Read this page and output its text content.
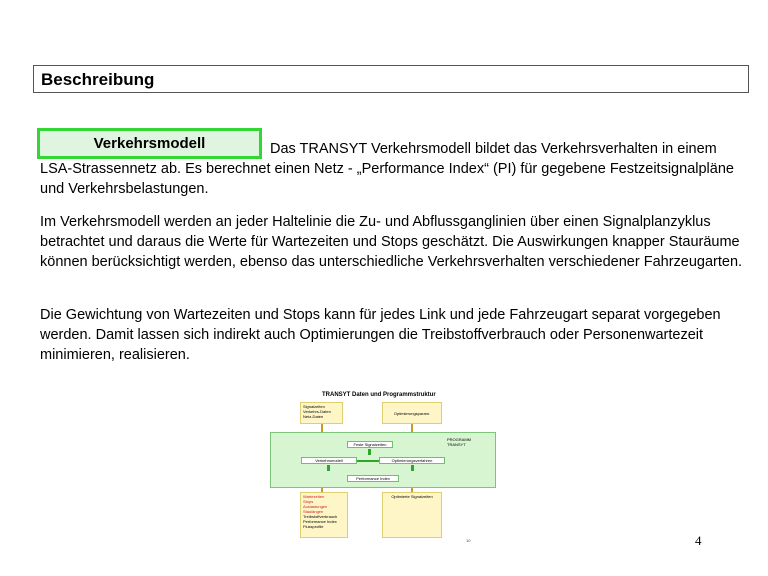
Beschreibung
Verkehrsmodell	Das TRANSYT Verkehrsmodell bildet das Verkehrsverhalten in einem LSA-Strassennetz ab. Es berechnet einen Netz - „Performance Index“ (PI) für gegebene Festzeitsignalpläne und Verkehrsbelastungen.

Im Verkehrsmodell werden an jeder Haltelinie die Zu- und Abflussganglinien über einen Signalplanzyklus betrachtet und daraus die Werte für Wartezeiten und Stops geschätzt. Die Auswirkungen knapper Stauräume können berücksichtigt werden, ebenso das unterschiedliche Verkehrsverhalten verschiedener Fahrzeugarten.

Die Gewichtung von Wartezeiten und Stops kann für jedes Link und jede Fahrzeugart separat vorgegeben werden. Damit lassen sich indirekt auch Optimierungen die Treibstoffverbrauch oder Personenwartezeit minimieren, realisieren.

TRANSYT Daten und Programmstruktur
Signalzeiten
Verkehrs-Daten
Netz-Daten
Optimierungsparam.
PROGRAMM
TRANSYT
Feste Signalzeiten
Verkehrsmodell	Optimierungsverfahren
Performance Index
Wartezeiten
Stops
Auslastungen
Staulängen
Treibstoffverbrauch
Performance Index
Flussprofile
Optimierte Signalzeiten
10	4
